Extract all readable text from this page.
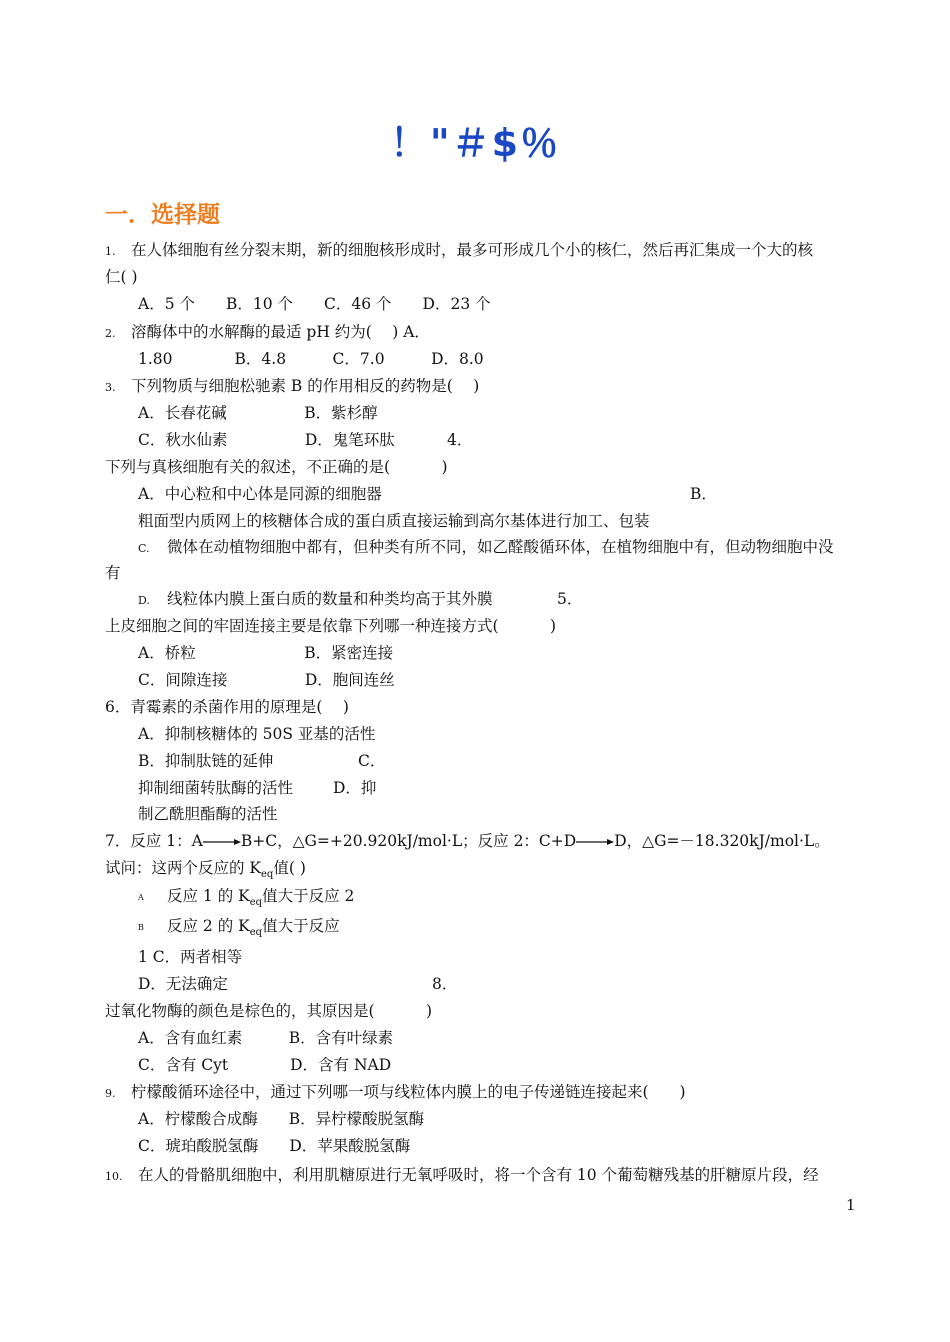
！"＃$％
一．选择题
1. 在人体细胞有丝分裂末期，新的细胞核形成时，最多可形成几个小的核仁，然后再汇集成一个大的核
仁( )
A．5 个　　B．10 个　　C．46 个　　D．23 个
2. 溶酶体中的水解酶的最适 pH 约为(　 ) A．
1.80　　　　B．4.8　　　C．7.0　　　D．8.0
3. 下列物质与细胞松驰素 B 的作用相反的药物是(　 )
A．长春花碱　　　　　B．紫杉醇
C．秋水仙素　　　　　D．鬼笔环肽	4．
下列与真核细胞有关的叙述，不正确的是(　　　 )
A．中心粒和中心体是同源的细胞器	B．
粗面型内质网上的核糖体合成的蛋白质直接运输到高尔基体进行加工、包装
C. 微体在动植物细胞中都有，但种类有所不同，如乙醛酸循环体，在植物细胞中有，但动物细胞中没
有
D. 线粒体内膜上蛋白质的数量和种类均高于其外膜	5．
上皮细胞之间的牢固连接主要是依靠下列哪一种连接方式(　　　 )
A．桥粒　　　　　　　B．紧密连接
C．间隙连接　　　　　D．胞间连丝
6．青霉素的杀菌作用的原理是(　 )
A．抑制核糖体的 50S 亚基的活性
B．抑制肽链的延伸	C．
抑制细菌转肽酶的活性	D．抑
制乙酰胆酯酶的活性
7．反应 1：A→B+C，△G=+20.920kJ/mol·L；反应 2：C+D→D，△G=－18.320kJ/mol·L。
试问：这两个反应的 $K_{eq}$值( )
A 反应 1 的 $K_{eq}$值大于反应 2
B 反应 2 的 $K_{eq}$值大于反应
1 C．两者相等
D．无法确定	8．
过氧化物酶的颜色是棕色的，其原因是(　　　 )
A．含有血红素　　　B．含有叶绿素
C．含有 Cyt　　　　D．含有 NAD
9. 柠檬酸循环途径中，通过下列哪一项与线粒体内膜上的电子传递链连接起来(　　)
A．柠檬酸合成酶　　B．异柠檬酸脱氢酶
C．琥珀酸脱氢酶　　D．苹果酸脱氢酶
10. 在人的骨骼肌细胞中，利用肌糖原进行无氧呼吸时，将一个含有 10 个葡萄糖残基的肝糖原片段，经
1
